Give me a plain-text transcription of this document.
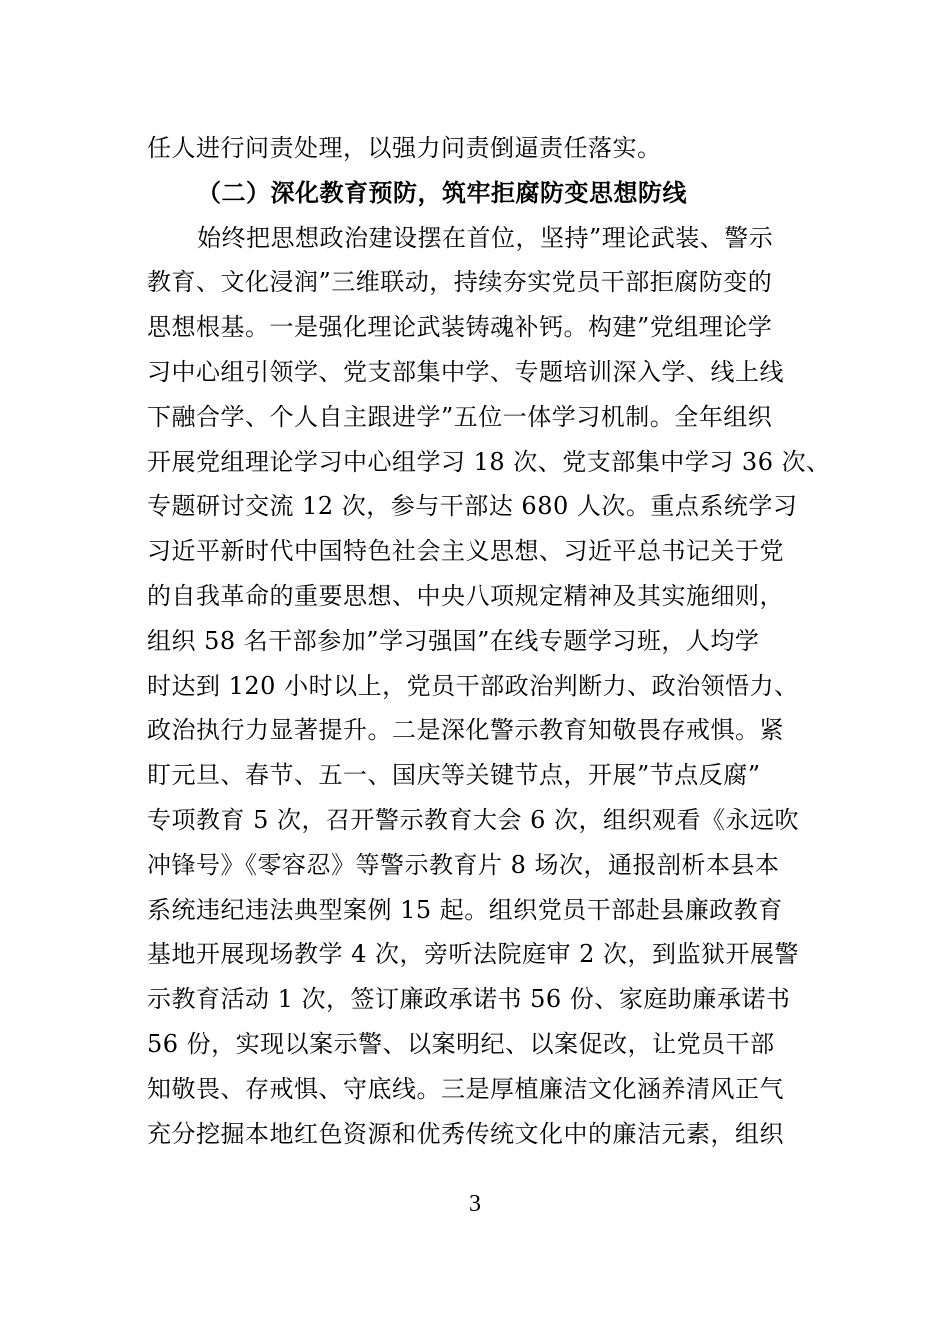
任人进行问责处理，以强力问责倒逼责任落实。
（二）深化教育预防，筑牢拒腐防变思想防线
始终把思想政治建设摆在首位，坚持”理论武装、警示
教育、文化浸润”三维联动，持续夯实党员干部拒腐防变的
思想根基。一是强化理论武装铸魂补钙。构建”党组理论学
习中心组引领学、党支部集中学、专题培训深入学、线上线
下融合学、个人自主跟进学”五位一体学习机制。全年组织
开展党组理论学习中心组学习 18 次、党支部集中学习 36 次、
专题研讨交流 12 次，参与干部达 680 人次。重点系统学习
习近平新时代中国特色社会主义思想、习近平总书记关于党
的自我革命的重要思想、中央八项规定精神及其实施细则，
组织 58 名干部参加”学习强国”在线专题学习班，人均学
时达到 120 小时以上，党员干部政治判断力、政治领悟力、
政治执行力显著提升。二是深化警示教育知敬畏存戒惧。紧
盯元旦、春节、五一、国庆等关键节点，开展”节点反腐”
专项教育 5 次，召开警示教育大会 6 次，组织观看《永远吹
冲锋号》《零容忍》等警示教育片 8 场次，通报剖析本县本
系统违纪违法典型案例 15 起。组织党员干部赴县廉政教育
基地开展现场教学 4 次，旁听法院庭审 2 次，到监狱开展警
示教育活动 1 次，签订廉政承诺书 56 份、家庭助廉承诺书
56 份，实现以案示警、以案明纪、以案促改，让党员干部
知敬畏、存戒惧、守底线。三是厚植廉洁文化涵养清风正气
充分挖掘本地红色资源和优秀传统文化中的廉洁元素，组织
3
